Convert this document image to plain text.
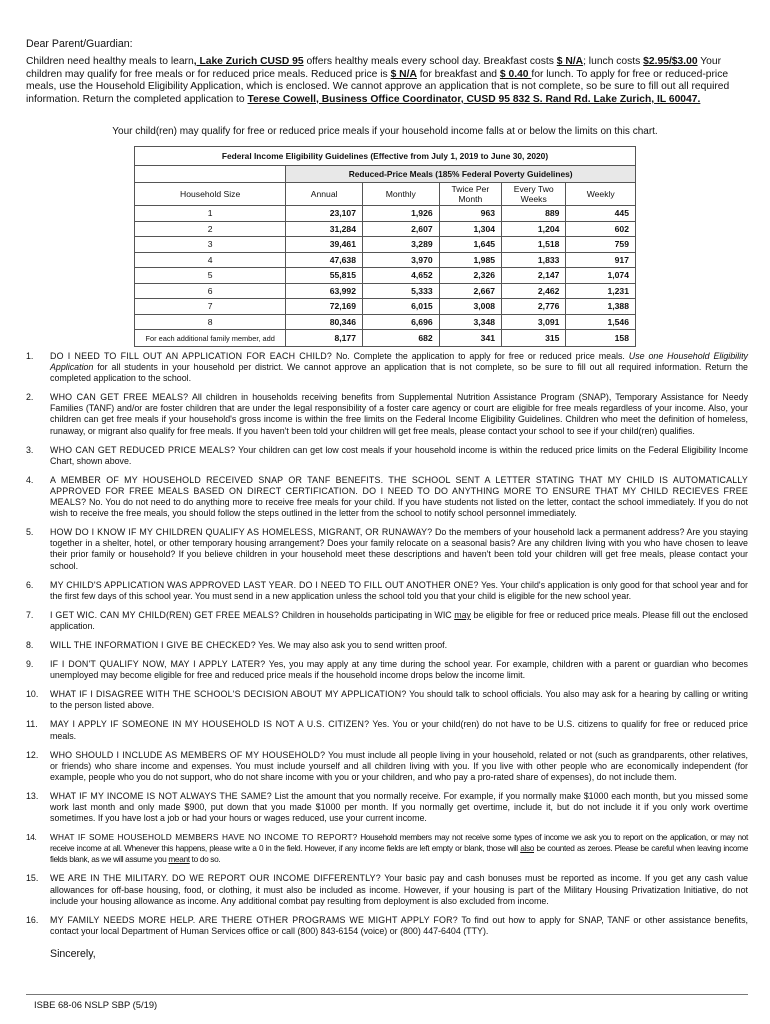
Dear Parent/Guardian:
Children need healthy meals to learn, Lake Zurich CUSD 95 offers healthy meals every school day. Breakfast costs $ N/A; lunch costs $2.95/$3.00 Your children may qualify for free meals or for reduced price meals. Reduced price is $ N/A for breakfast and $ 0.40 for lunch. To apply for free or reduced-price meals, use the Household Eligibility Application, which is enclosed. We cannot approve an application that is not complete, so be sure to fill out all required information. Return the completed application to Terese Cowell, Business Office Coordinator, CUSD 95 832 S. Rand Rd. Lake Zurich, IL 60047.
Your child(ren) may qualify for free or reduced price meals if your household income falls at or below the limits on this chart.
Federal Income Eligibility Guidelines (Effective from July 1, 2019 to June 30, 2020)					
	Reduced-Price Meals (185% Federal Poverty Guidelines)				
Household Size	Annual	Monthly	Twice Per Month	Every Two Weeks	Weekly
1	23,107	1,926	963	889	445
2	31,284	2,607	1,304	1,204	602
3	39,461	3,289	1,645	1,518	759
4	47,638	3,970	1,985	1,833	917
5	55,815	4,652	2,326	2,147	1,074
6	63,992	5,333	2,667	2,462	1,231
7	72,169	6,015	3,008	2,776	1,388
8	80,346	6,696	3,348	3,091	1,546
For each additional family member, add	8,177	682	341	315	158
1. DO I NEED TO FILL OUT AN APPLICATION FOR EACH CHILD? No. Complete the application to apply for free or reduced price meals. Use one Household Eligibility Application for all students in your household per district. We cannot approve an application that is not complete, so be sure to fill out all required information. Return the completed application to the school.
2. WHO CAN GET FREE MEALS? All children in households receiving benefits from Supplemental Nutrition Assistance Program (SNAP), Temporary Assistance for Needy Families (TANF) and/or are foster children that are under the legal responsibility of a foster care agency or court are eligible for free meals regardless of your income. Also, your children can get free meals if your household's gross income is within the free limits on the Federal Income Eligibility Guidelines. Children who meet the definition of homeless, runaway, or migrant also qualify for free meals. If you haven't been told your children will get free meals, please contact your school to see if your child(ren) qualifies.
3. WHO CAN GET REDUCED PRICE MEALS? Your children can get low cost meals if your household income is within the reduced price limits on the Federal Eligibility Income Chart, shown above.
4. A MEMBER OF MY HOUSEHOLD RECEIVED SNAP OR TANF BENEFITS. THE SCHOOL SENT A LETTER STATING THAT MY CHILD IS AUTOMATICALLY APPROVED FOR FREE MEALS BASED ON DIRECT CERTIFICATION. DO I NEED TO DO ANYTHING MORE TO ENSURE THAT MY CHILD RECIEVES FREE MEALS? No. You do not need to do anything more to receive free meals for your child. If you have students not listed on the letter, contact the school immediately. If you do not wish to receive the free meals, you should follow the steps outlined in the letter from the school to notify school personnel immediately.
5. HOW DO I KNOW IF MY CHILDREN QUALIFY AS HOMELESS, MIGRANT, OR RUNAWAY? Do the members of your household lack a permanent address? Are you staying together in a shelter, hotel, or other temporary housing arrangement? Does your family relocate on a seasonal basis? Are any children living with you who have chosen to leave their prior family or household? If you believe children in your household meet these descriptions and haven't been told your children will get free meals, please contact your school.
6. MY CHILD'S APPLICATION WAS APPROVED LAST YEAR. DO I NEED TO FILL OUT ANOTHER ONE? Yes. Your child's application is only good for that school year and for the first few days of this school year. You must send in a new application unless the school told you that your child is eligible for the new school year.
7. I GET WIC. CAN MY CHILD(REN) GET FREE MEALS? Children in households participating in WIC may be eligible for free or reduced price meals. Please fill out the enclosed application.
8. WILL THE INFORMATION I GIVE BE CHECKED? Yes. We may also ask you to send written proof.
9. IF I DON'T QUALIFY NOW, MAY I APPLY LATER? Yes, you may apply at any time during the school year. For example, children with a parent or guardian who becomes unemployed may become eligible for free and reduced price meals if the household income drops below the income limit.
10. WHAT IF I DISAGREE WITH THE SCHOOL'S DECISION ABOUT MY APPLICATION? You should talk to school officials. You also may ask for a hearing by calling or writing to the person listed above.
11. MAY I APPLY IF SOMEONE IN MY HOUSEHOLD IS NOT A U.S. CITIZEN? Yes. You or your child(ren) do not have to be U.S. citizens to qualify for free or reduced price meals.
12. WHO SHOULD I INCLUDE AS MEMBERS OF MY HOUSEHOLD? You must include all people living in your household, related or not (such as grandparents, other relatives, or friends) who share income and expenses. You must include yourself and all children living with you. If you live with other people who are economically independent (for example, people who you do not support, who do not share income with you or your children, and who pay a pro-rated share of expenses), do not include them.
13. WHAT IF MY INCOME IS NOT ALWAYS THE SAME? List the amount that you normally receive. For example, if you normally make $1000 each month, but you missed some work last month and only made $900, put down that you made $1000 per month. If you normally get overtime, include it, but do not include it if you only work overtime sometimes. If you have lost a job or had your hours or wages reduced, use your current income.
14. WHAT IF SOME HOUSEHOLD MEMBERS HAVE NO INCOME TO REPORT? Household members may not receive some types of income we ask you to report on the application, or may not receive income at all. Whenever this happens, please write a 0 in the field. However, if any income fields are left empty or blank, those will also be counted as zeroes. Please be careful when leaving income fields blank, as we will assume you meant to do so.
15. WE ARE IN THE MILITARY. DO WE REPORT OUR INCOME DIFFERENTLY? Your basic pay and cash bonuses must be reported as income. If you get any cash value allowances for off-base housing, food, or clothing, it must also be included as income. However, if your housing is part of the Military Housing Privatization Initiative, do not include your housing allowance as income. Any additional combat pay resulting from deployment is also excluded from income.
16. MY FAMILY NEEDS MORE HELP. ARE THERE OTHER PROGRAMS WE MIGHT APPLY FOR? To find out how to apply for SNAP, TANF or other assistance benefits, contact your local Department of Human Services office or call (800) 843-6154 (voice) or (800) 447-6404 (TTY).
Sincerely,
ISBE 68-06 NSLP SBP (5/19)
